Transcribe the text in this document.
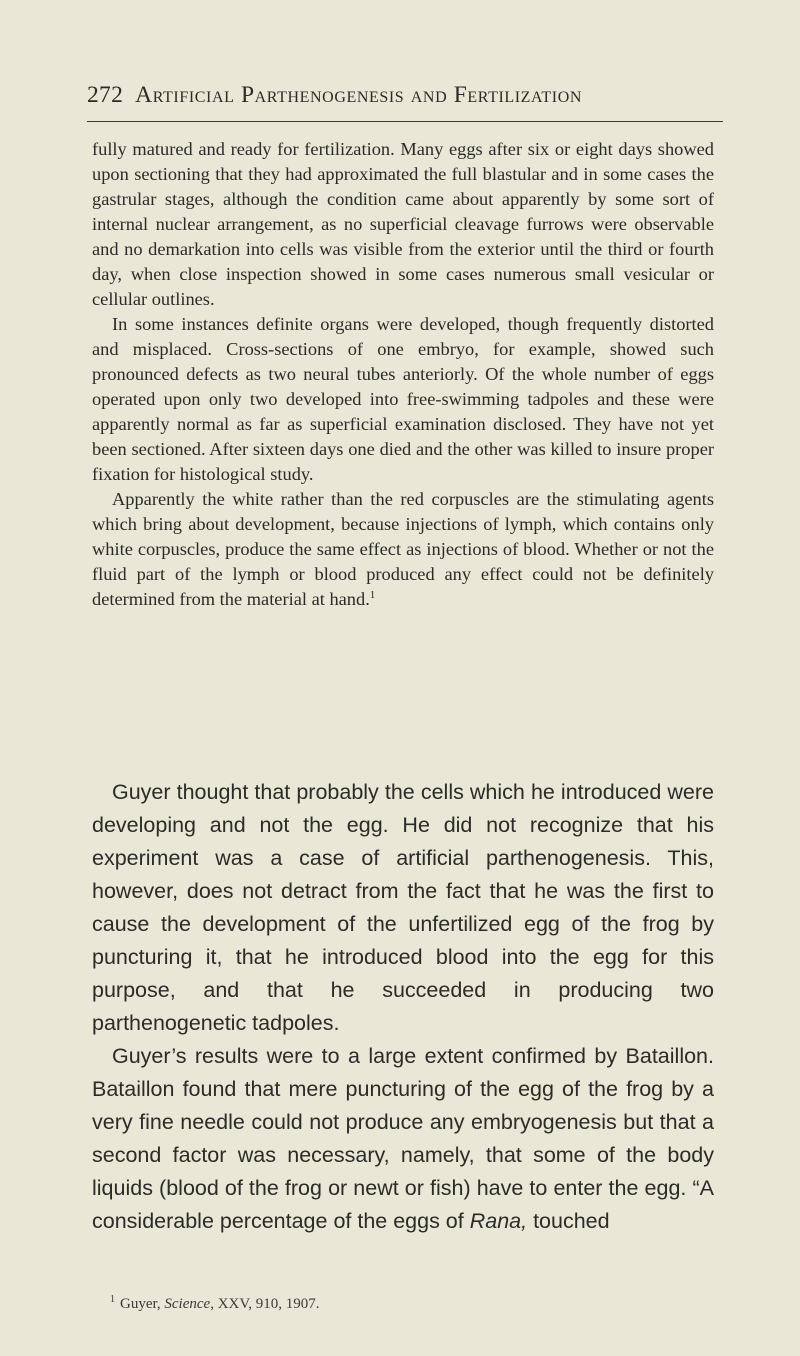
272 Artificial Parthenogenesis and Fertilization

fully matured and ready for fertilization. Many eggs after six or eight days showed upon sectioning that they had approximated the full blastular and in some cases the gastrular stages, although the condition came about apparently by some sort of internal nuclear arrangement, as no superficial cleavage furrows were observable and no demarkation into cells was visible from the exterior until the third or fourth day, when close inspection showed in some cases numerous small vesicular or cellular outlines.

In some instances definite organs were developed, though frequently distorted and misplaced. Cross-sections of one embryo, for example, showed such pronounced defects as two neural tubes anteriorly. Of the whole number of eggs operated upon only two developed into free-swimming tadpoles and these were apparently normal as far as superficial examination disclosed. They have not yet been sectioned. After sixteen days one died and the other was killed to insure proper fixation for histological study.

Apparently the white rather than the red corpuscles are the stimulating agents which bring about development, because injections of lymph, which contains only white corpuscles, produce the same effect as injections of blood. Whether or not the fluid part of the lymph or blood produced any effect could not be definitely determined from the material at hand.$^1$

Guyer thought that probably the cells which he introduced were developing and not the egg. He did not recognize that his experiment was a case of artificial parthenogenesis. This, however, does not detract from the fact that he was the first to cause the development of the unfertilized egg of the frog by puncturing it, that he introduced blood into the egg for this purpose, and that he succeeded in producing two parthenogenetic tadpoles.

Guyer’s results were to a large extent confirmed by Bataillon. Bataillon found that mere puncturing of the egg of the frog by a very fine needle could not produce any embryogenesis but that a second factor was necessary, namely, that some of the body liquids (blood of the frog or newt or fish) have to enter the egg. “A considerable percentage of the eggs of Rana, touched

$^1$ Guyer, Science, XXV, 910, 1907.
